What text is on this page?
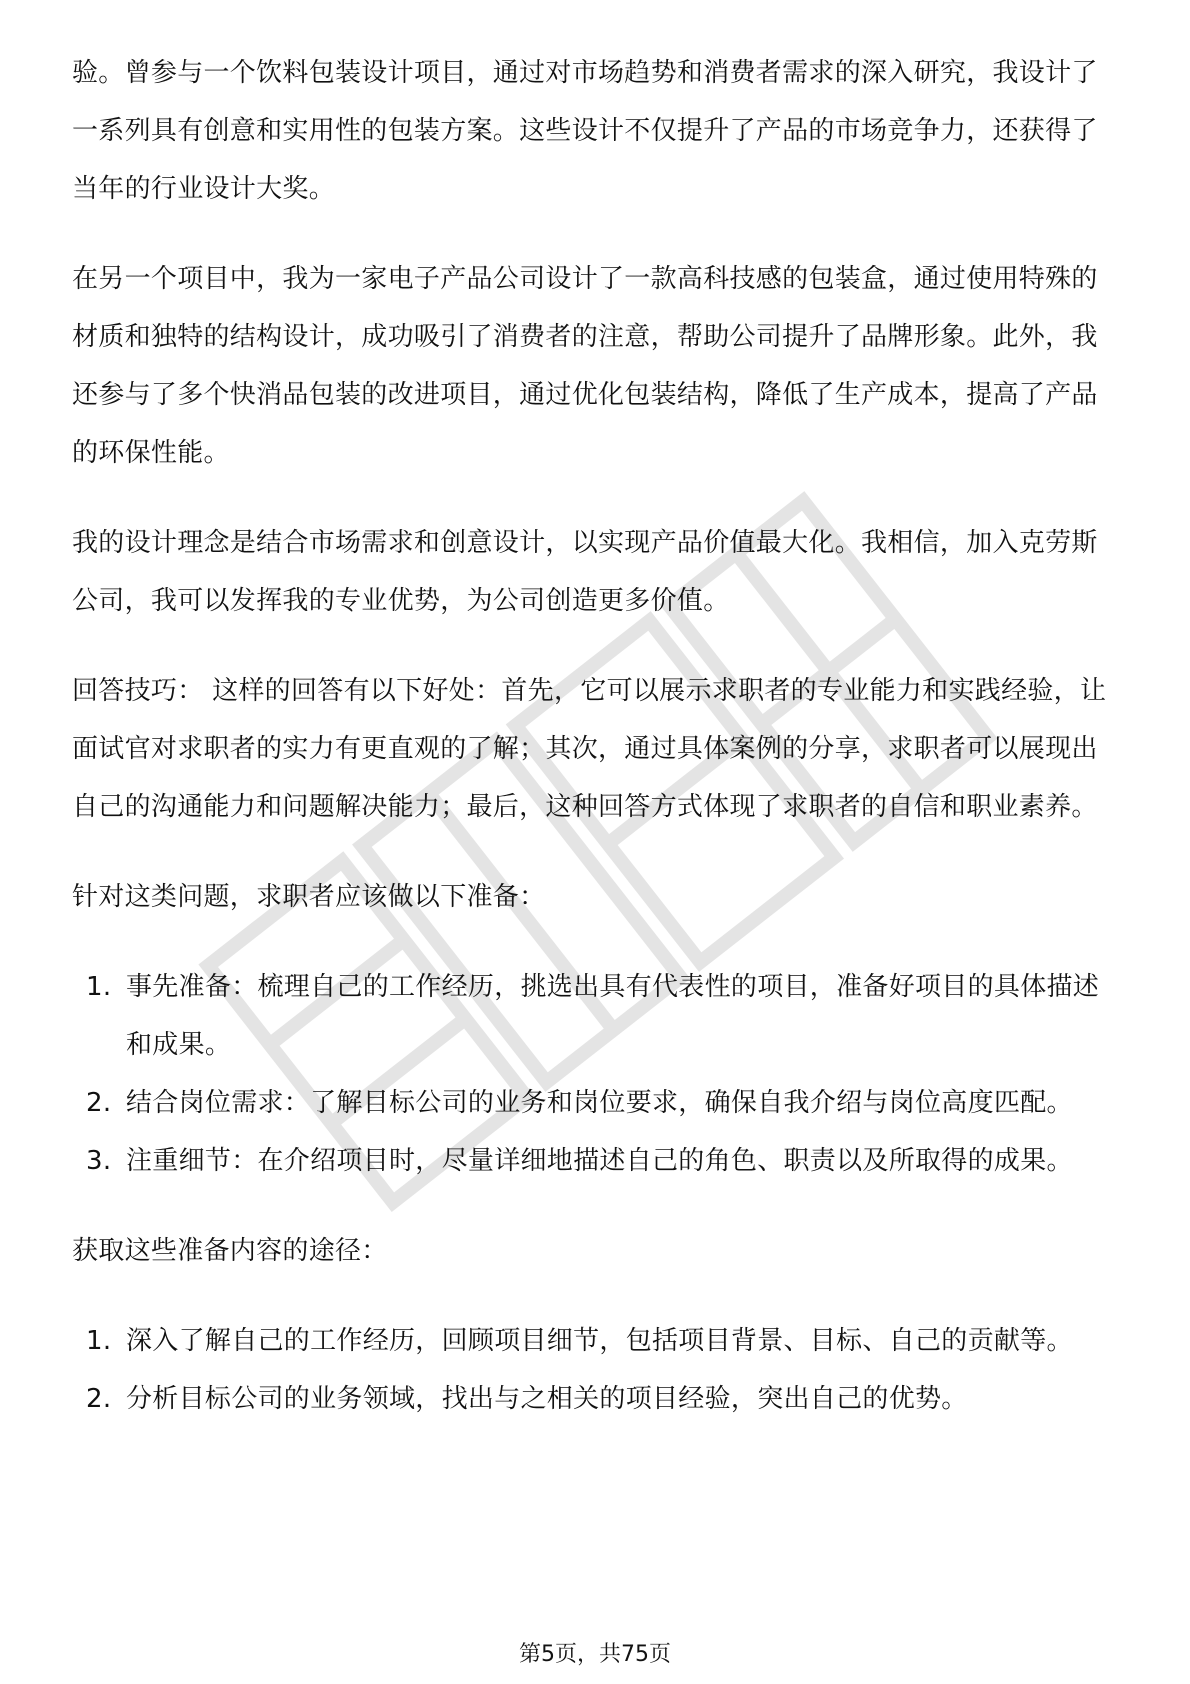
验。曾参与一个饮料包装设计项目，通过对市场趋势和消费者需求的深入研究，我设计了一系列具有创意和实用性的包装方案。这些设计不仅提升了产品的市场竞争力，还获得了当年的行业设计大奖。

在另一个项目中，我为一家电子产品公司设计了一款高科技感的包装盒，通过使用特殊的材质和独特的结构设计，成功吸引了消费者的注意，帮助公司提升了品牌形象。此外，我还参与了多个快消品包装的改进项目，通过优化包装结构，降低了生产成本，提高了产品的环保性能。

我的设计理念是结合市场需求和创意设计，以实现产品价值最大化。我相信，加入克劳斯公司，我可以发挥我的专业优势，为公司创造更多价值。

回答技巧： 这样的回答有以下好处：首先，它可以展示求职者的专业能力和实践经验，让面试官对求职者的实力有更直观的了解；其次，通过具体案例的分享，求职者可以展现出自己的沟通能力和问题解决能力；最后，这种回答方式体现了求职者的自信和职业素养。

针对这类问题，求职者应该做以下准备：

1. 事先准备：梳理自己的工作经历，挑选出具有代表性的项目，准备好项目的具体描述和成果。
2. 结合岗位需求：了解目标公司的业务和岗位要求，确保自我介绍与岗位高度匹配。
3. 注重细节：在介绍项目时，尽量详细地描述自己的角色、职责以及所取得的成果。

获取这些准备内容的途径：

1. 深入了解自己的工作经历，回顾项目细节，包括项目背景、目标、自己的贡献等。
2. 分析目标公司的业务领域，找出与之相关的项目经验，突出自己的优势。
第5页，共75页
